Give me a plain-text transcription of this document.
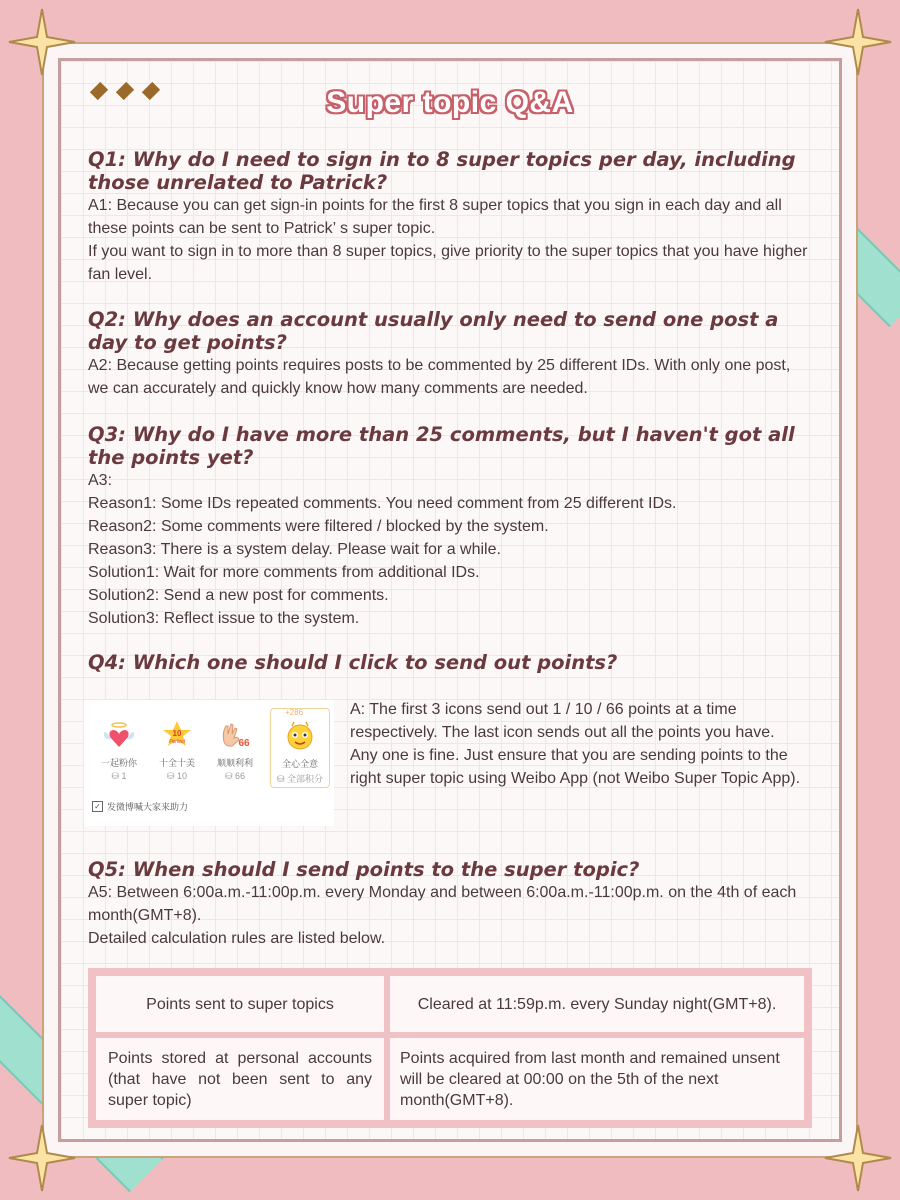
Super topic Q&A

Q1: Why do I need to sign in to 8 super topics per day, including those unrelated to Patrick?

A1: Because you can get sign-in points for the first 8 super topics that you sign in each day and all these points can be sent to Patrick’ s super topic.

If you want to sign in to more than 8 super topics, give priority to the super topics that you have higher fan level.

Q2: Why does an account usually only need to send one post a day to get points?

A2: Because getting points requires posts to be commented by 25 different IDs. With only one post, we can accurately and quickly know how many comments are needed.

Q3: Why do I have more than 25 comments, but I haven't got all the points yet?

A3:

Reason1: Some IDs repeated comments. You need comment from 25 different IDs.

Reason2: Some comments were filtered / blocked by the system.

Reason3: There is a system delay. Please wait for a while.

Solution1: Wait for more comments from additional IDs.

Solution2: Send a new post for comments.

Solution3: Reflect issue to the system.

Q4: Which one should I click to send out points?

Q5: When should I send points to the super topic?

A5: Between 6:00a.m.-11:00p.m. every Monday and between 6:00a.m.-11:00p.m. on the 4th of each month(GMT+8).

Detailed calculation rules are listed below.

一起粉你
⛁ 1
10
Perfect
十全十美
⛁ 10
66
顺顺利利
⛁ 66
+286
全心全意
⛁ 全部积分
✓ 发微博喊大家来助力

A: The first 3 icons send out 1 / 10 / 66 points at a time respectively. The last icon sends out all the points you have.

Any one is fine. Just ensure that you are sending points to the right super topic using Weibo App (not Weibo Super Topic App).

Points sent to super topics	Cleared at 11:59p.m. every Sunday night(GMT+8).
Points stored at personal accounts (that have not been sent to any super topic)	Points acquired from last month and remained unsent will be cleared at 00:00 on the 5th of the next month(GMT+8).
